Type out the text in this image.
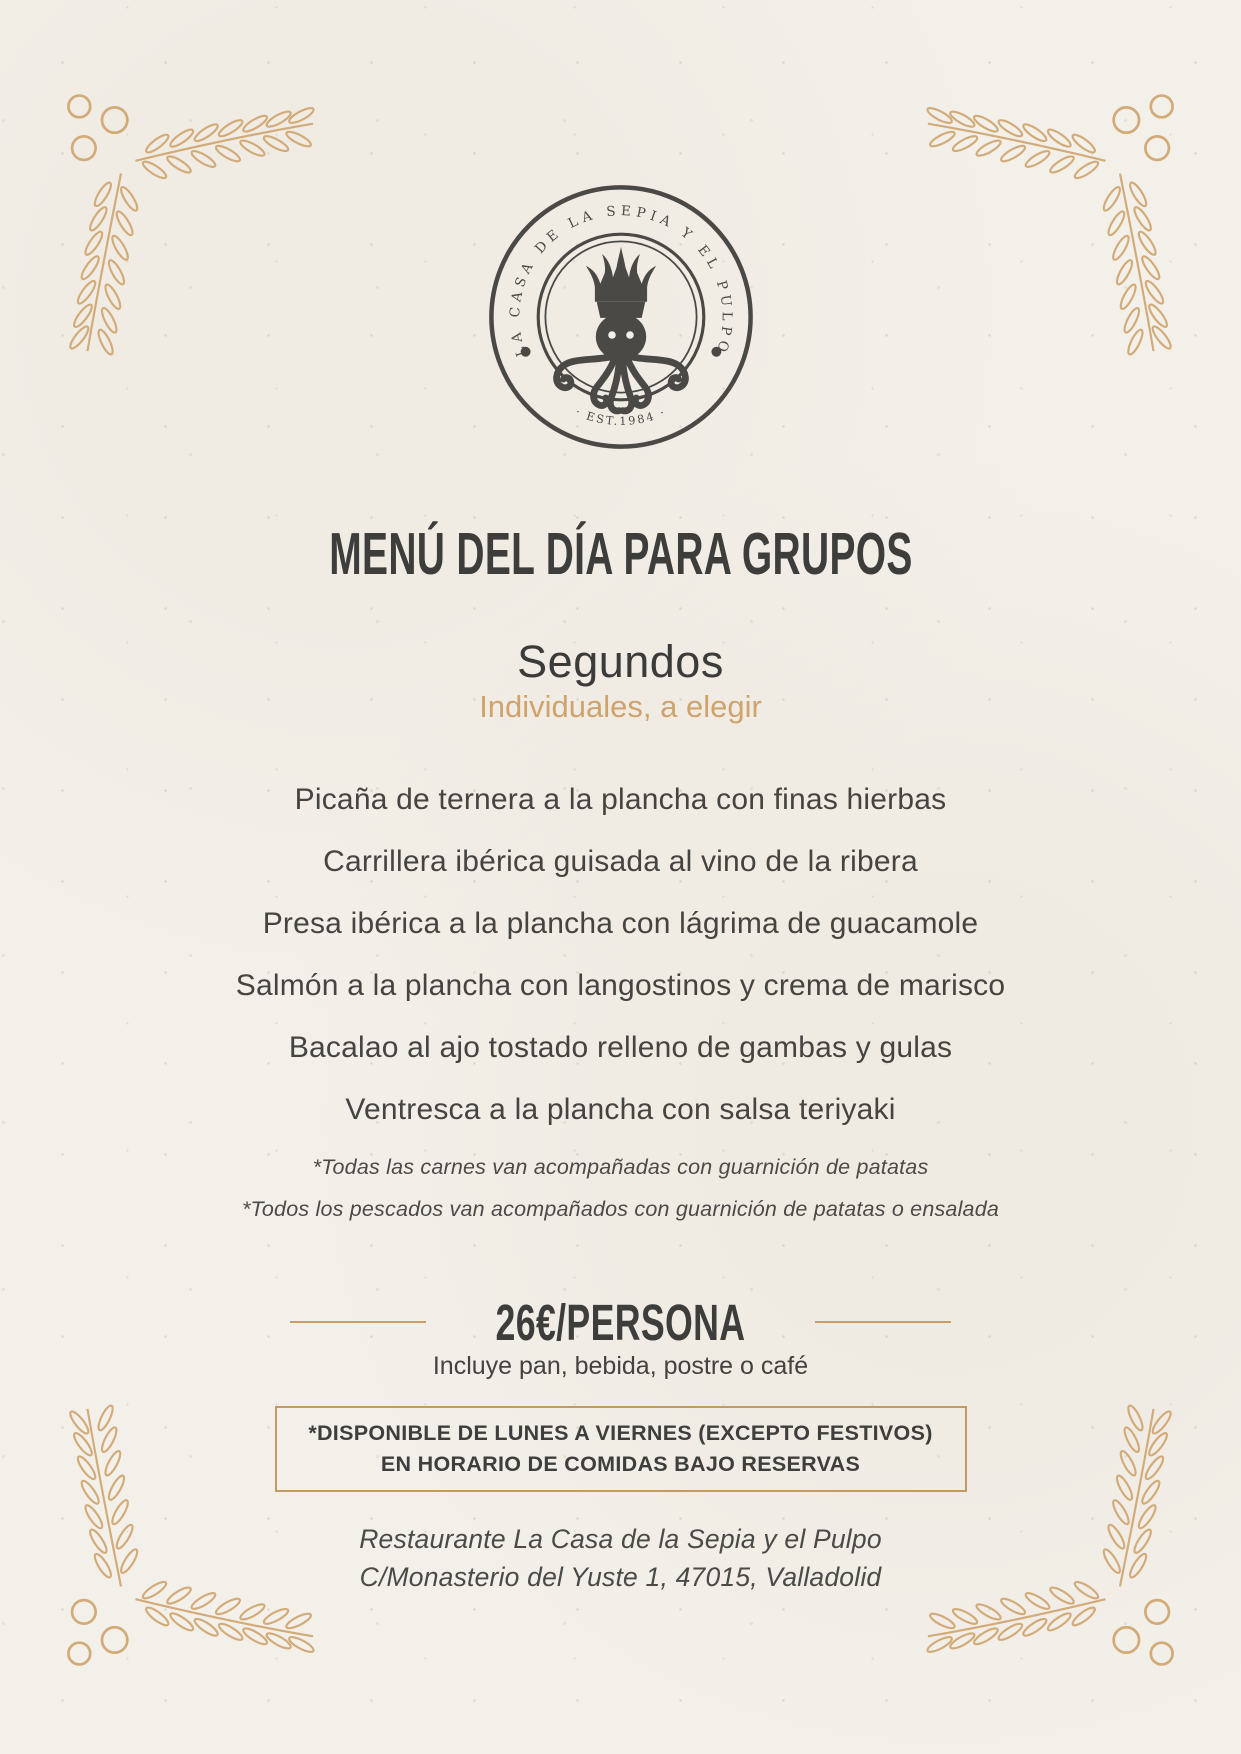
LA CASA DE LA SEPIA Y EL PULPO
· EST.1984 ·
MENÚ DEL DÍA PARA GRUPOS
Segundos
Individuales, a elegir
Picaña de ternera a la plancha con finas hierbas
Carrillera ibérica guisada al vino de la ribera
Presa ibérica a la plancha con lágrima de guacamole
Salmón a la plancha con langostinos y crema de marisco
Bacalao al ajo tostado relleno de gambas y gulas
Ventresca a la plancha con salsa teriyaki
*Todas las carnes van acompañadas con guarnición de patatas
*Todos los pescados van acompañados con guarnición de patatas o ensalada
26€/PERSONA
Incluye pan, bebida, postre o café
*DISPONIBLE DE LUNES A VIERNES (EXCEPTO FESTIVOS)
EN HORARIO DE COMIDAS BAJO RESERVAS
Restaurante La Casa de la Sepia y el Pulpo
C/Monasterio del Yuste 1, 47015, Valladolid
